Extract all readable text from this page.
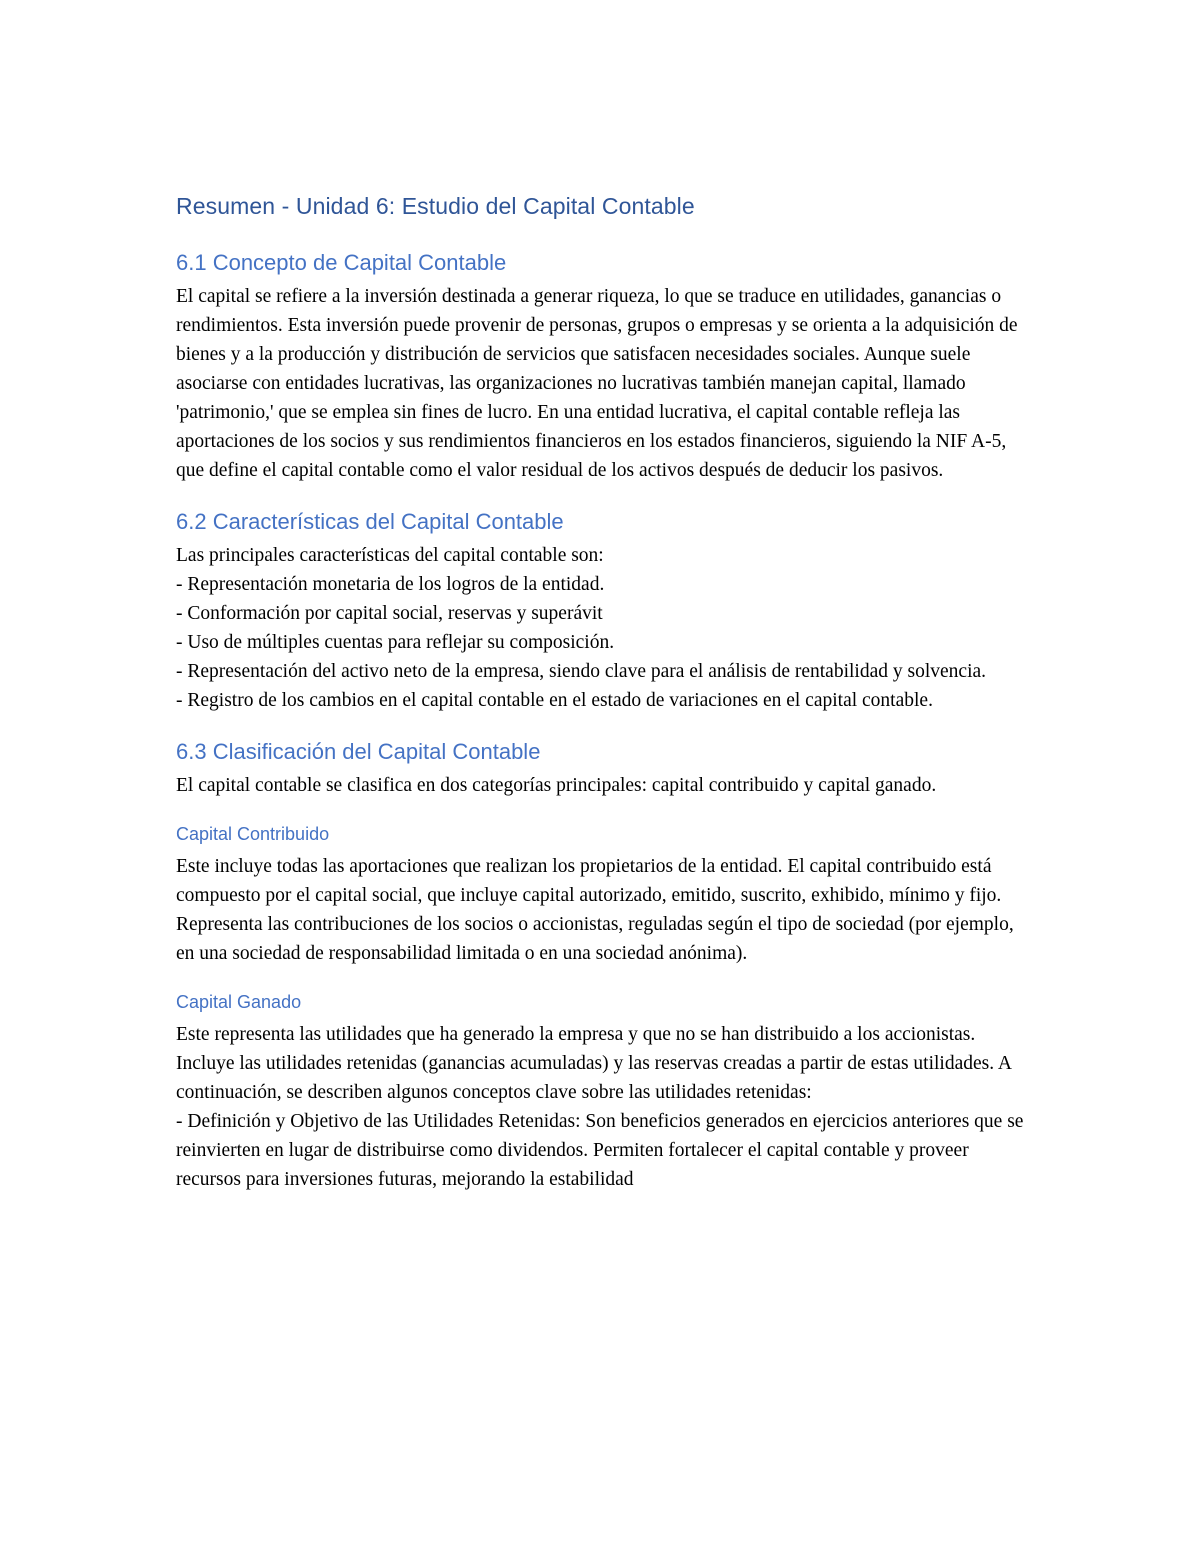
Resumen - Unidad 6: Estudio del Capital Contable
6.1 Concepto de Capital Contable

El capital se refiere a la inversión destinada a generar riqueza, lo que se traduce en utilidades, ganancias o rendimientos. Esta inversión puede provenir de personas, grupos o empresas y se orienta a la adquisición de bienes y a la producción y distribución de servicios que satisfacen necesidades sociales. Aunque suele asociarse con entidades lucrativas, las organizaciones no lucrativas también manejan capital, llamado 'patrimonio,' que se emplea sin fines de lucro. En una entidad lucrativa, el capital contable refleja las aportaciones de los socios y sus rendimientos financieros en los estados financieros, siguiendo la NIF A-5, que define el capital contable como el valor residual de los activos después de deducir los pasivos.

6.2 Características del Capital Contable

Las principales características del capital contable son:
- Representación monetaria de los logros de la entidad.
- Conformación por capital social, reservas y superávit
- Uso de múltiples cuentas para reflejar su composición.
- Representación del activo neto de la empresa, siendo clave para el análisis de rentabilidad y solvencia.
- Registro de los cambios en el capital contable en el estado de variaciones en el capital contable.

6.3 Clasificación del Capital Contable

El capital contable se clasifica en dos categorías principales: capital contribuido y capital ganado.

Capital Contribuido

Este incluye todas las aportaciones que realizan los propietarios de la entidad. El capital contribuido está compuesto por el capital social, que incluye capital autorizado, emitido, suscrito, exhibido, mínimo y fijo. Representa las contribuciones de los socios o accionistas, reguladas según el tipo de sociedad (por ejemplo, en una sociedad de responsabilidad limitada o en una sociedad anónima).

Capital Ganado

Este representa las utilidades que ha generado la empresa y que no se han distribuido a los accionistas. Incluye las utilidades retenidas (ganancias acumuladas) y las reservas creadas a partir de estas utilidades. A continuación, se describen algunos conceptos clave sobre las utilidades retenidas:
- Definición y Objetivo de las Utilidades Retenidas: Son beneficios generados en ejercicios anteriores que se reinvierten en lugar de distribuirse como dividendos. Permiten fortalecer el capital contable y proveer recursos para inversiones futuras, mejorando la estabilidad
